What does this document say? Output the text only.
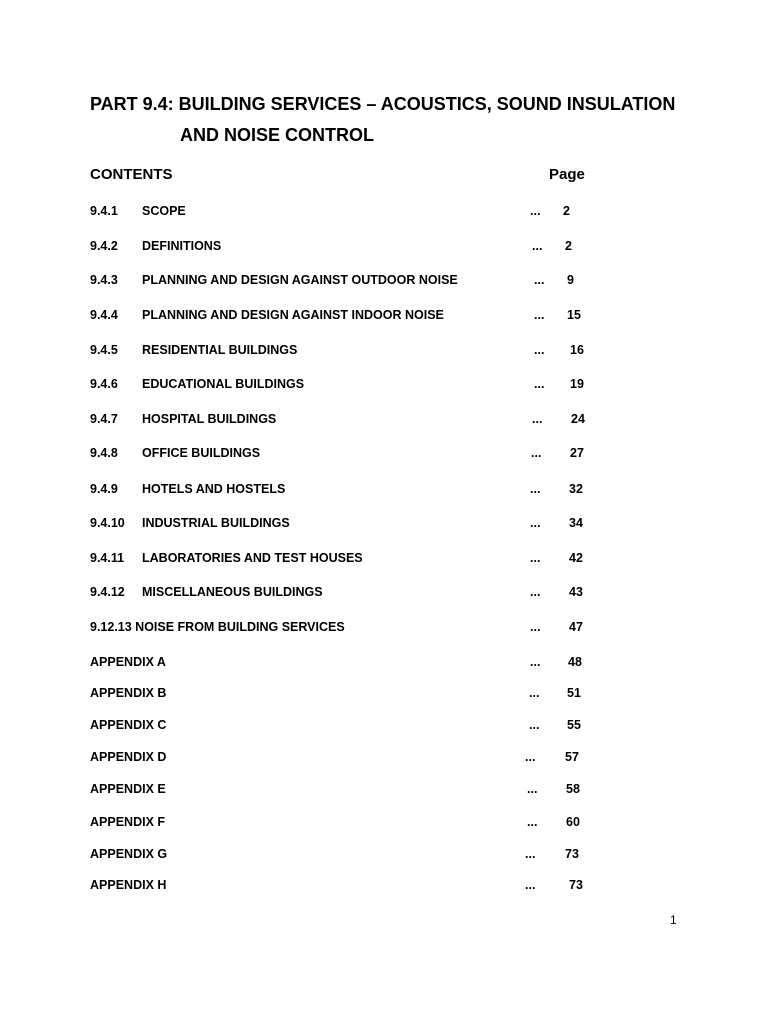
PART 9.4: BUILDING SERVICES – ACOUSTICS, SOUND INSULATION
AND NOISE CONTROL
CONTENTS	Page
9.4.1 SCOPE	... 2
9.4.2 DEFINITIONS	... 2
9.4.3 PLANNING AND DESIGN AGAINST OUTDOOR NOISE	... 9
9.4.4 PLANNING AND DESIGN AGAINST INDOOR NOISE	... 15
9.4.5 RESIDENTIAL BUILDINGS	... 16
9.4.6 EDUCATIONAL BUILDINGS	... 19
9.4.7 HOSPITAL BUILDINGS	... 24
9.4.8 OFFICE BUILDINGS	... 27
9.4.9 HOTELS AND HOSTELS	... 32
9.4.10 INDUSTRIAL BUILDINGS	... 34
9.4.11 LABORATORIES AND TEST HOUSES	... 42
9.4.12 MISCELLANEOUS BUILDINGS	... 43
9.12.13 NOISE FROM BUILDING SERVICES	... 47
APPENDIX A	... 48
APPENDIX B	... 51
APPENDIX C	... 55
APPENDIX D	... 57
APPENDIX E	... 58
APPENDIX F	... 60
APPENDIX G	... 73
APPENDIX H	...	73
1
